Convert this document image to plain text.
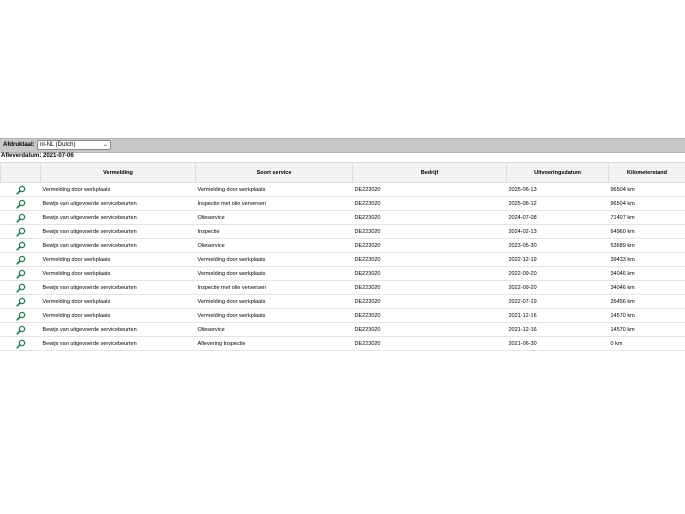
Afdruktaal: nl-NL (Dutch)	⌄
Afleverdatum: 2021-07-06
	Vermelding	Soort service	Bedrijf	Uitvoeringsdatum	Kilometerstand
	Vermelding door werkplaats	Vermelding door werkplaats	DE223020	2025-06-13	96504 km
	Bewijs van uitgevoerde servicebeurten	Inspectie met olie verversen	DE223020	2025-06-12	96504 km
	Bewijs van uitgevoerde servicebeurten	Olieservice	DE223020	2024-07-08	71407 km
	Bewijs van uitgevoerde servicebeurten	Inspectie	DE223020	2024-02-13	64960 km
	Bewijs van uitgevoerde servicebeurten	Olieservice	DE223020	2023-05-30	53689 km
	Vermelding door werkplaats	Vermelding door werkplaats	DE223020	2022-12-19	39433 km
	Vermelding door werkplaats	Vermelding door werkplaats	DE223020	2022-09-20	34046 km
	Bewijs van uitgevoerde servicebeurten	Inspectie met olie verversen	DE223020	2022-09-20	34046 km
	Vermelding door werkplaats	Vermelding door werkplaats	DE223020	2022-07-19	26456 km
	Vermelding door werkplaats	Vermelding door werkplaats	DE223020	2021-12-16	14570 km
	Bewijs van uitgevoerde servicebeurten	Olieservice	DE223020	2021-12-16	14570 km
	Bewijs van uitgevoerde servicebeurten	Aflevering Inspectie	DE223020	2021-06-30	0 km
